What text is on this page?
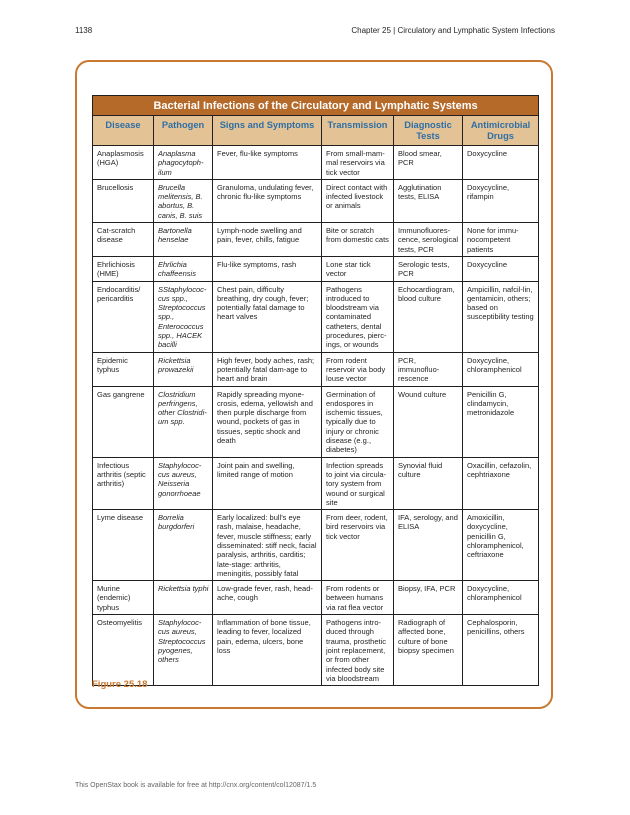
1138	Chapter 25 | Circulatory and Lymphatic System Infections
Bacterial Infections of the Circulatory and Lymphatic Systems					
Disease	Pathogen	Signs and Symptoms	Transmission	Diagnostic Tests	Antimicrobial Drugs
Anaplasmosis (HGA)	Anaplasma phagocytoph-ilum	Fever, flu-like symptoms	From small-mam-mal reservoirs via tick vector	Blood smear, PCR	Doxycycline
Brucellosis	Brucella melitensis, B. abortus, B. canis, B. suis	Granuloma, undulating fever, chronic flu-like symptoms	Direct contact with infected livestock or animals	Agglutination tests, ELISA	Doxycycline, rifampin
Cat-scratch disease	Bartonella henselae	Lymph-node swelling and pain, fever, chills, fatigue	Bite or scratch from domestic cats	Immunofluores-cence, serological tests, PCR	None for immu-nocompetent patients
Ehrlichiosis (HME)	Ehrlichia chaffeensis	Flu-like symptoms, rash	Lone star tick vector	Serologic tests, PCR	Doxycycline
Endocarditis/ pericarditis	SStaphylococ-cus spp., Streptococcus spp., Enterococcus spp., HACEK bacilli	Chest pain, difficulty breathing, dry cough, fever; potentially fatal damage to heart valves	Pathogens introduced to bloodstream via contaminated catheters, dental procedures, pierc-ings, or wounds	Echocardiogram, blood culture	Ampicillin, nafcil-lin, gentamicin, others; based on susceptibility testing
Epidemic typhus	Rickettsia prowazekii	High fever, body aches, rash; potentially fatal dam-age to heart and brain	From rodent reservoir via body louse vector	PCR, immunofluo-rescence	Doxycycline, chloramphenicol
Gas gangrene	Clostridium perfringens, other Clostridi-um spp.	Rapidly spreading myone-crosis, edema, yellowish and then purple discharge from wound, pockets of gas in tissues, septic shock and death	Germination of endospores in ischemic tissues, typically due to injury or chronic disease (e.g., diabetes)	Wound culture	Penicillin G, clindamycin, metronidazole
Infectious arthritis (septic arthritis)	Staphylococ-cus aureus, Neisseria gonorrhoeae	Joint pain and swelling, limited range of motion	Infection spreads to joint via circula-tory system from wound or surgical site	Synovial fluid culture	Oxacillin, cefazolin, cephtriaxone
Lyme disease	Borrelia burgdorferi	Early localized: bull's eye rash, malaise, headache, fever, muscle stiffness; early disseminated: stiff neck, facial paralysis, arthritis, carditis; late-stage: arthritis, meningitis, possibly fatal	From deer, rodent, bird reservoirs via tick vector	IFA, serology, and ELISA	Amoxicillin, doxycycline, penicillin G, chloramphenicol, ceftriaxone
Murine (endemic) typhus	Rickettsia typhi	Low-grade fever, rash, head-ache, cough	From rodents or between humans via rat flea vector	Biopsy, IFA, PCR	Doxycycline, chloramphenicol
Osteomyelitis	Staphylococ-cus aureus, Streptococcus pyogenes, others	Inflammation of bone tissue, leading to fever, localized pain, edema, ulcers, bone loss	Pathogens intro-duced through trauma, prosthetic joint replacement, or from other infected body site via bloodstream	Radiograph of affected bone, culture of bone biopsy specimen	Cephalosporin, penicillins, others
Figure 25.18
This OpenStax book is available for free at http://cnx.org/content/col12087/1.5
